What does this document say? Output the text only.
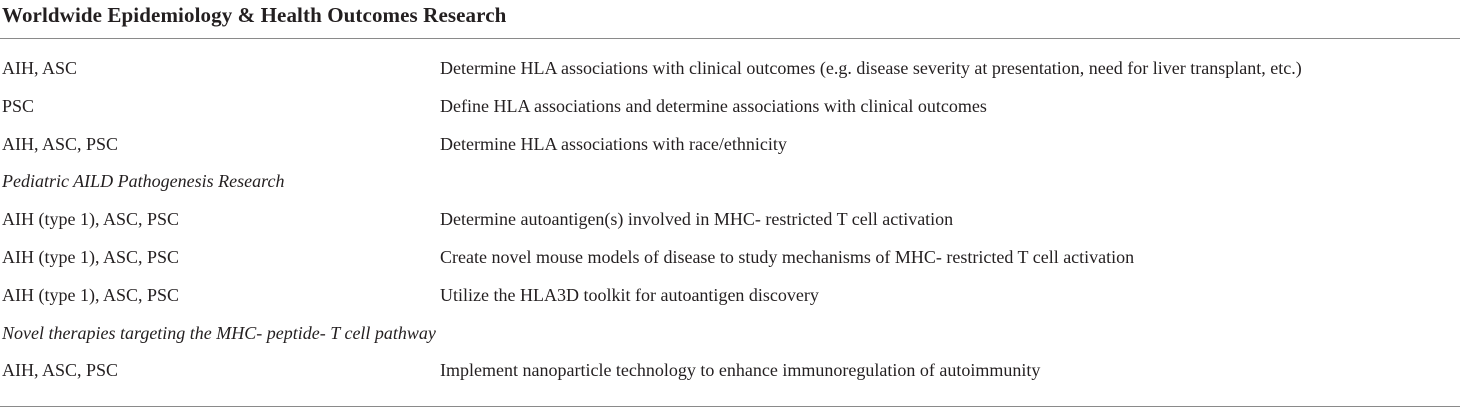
Worldwide Epidemiology & Health Outcomes Research
AIH, ASC	Determine HLA associations with clinical outcomes (e.g. disease severity at presentation, need for liver transplant, etc.)
PSC	Define HLA associations and determine associations with clinical outcomes
AIH, ASC, PSC	Determine HLA associations with race/ethnicity
Pediatric AILD Pathogenesis Research
AIH (type 1), ASC, PSC	Determine autoantigen(s) involved in MHC- restricted T cell activation
AIH (type 1), ASC, PSC	Create novel mouse models of disease to study mechanisms of MHC- restricted T cell activation
AIH (type 1), ASC, PSC	Utilize the HLA3D toolkit for autoantigen discovery
Novel therapies targeting the MHC- peptide- T cell pathway
AIH, ASC, PSC	Implement nanoparticle technology to enhance immunoregulation of autoimmunity
